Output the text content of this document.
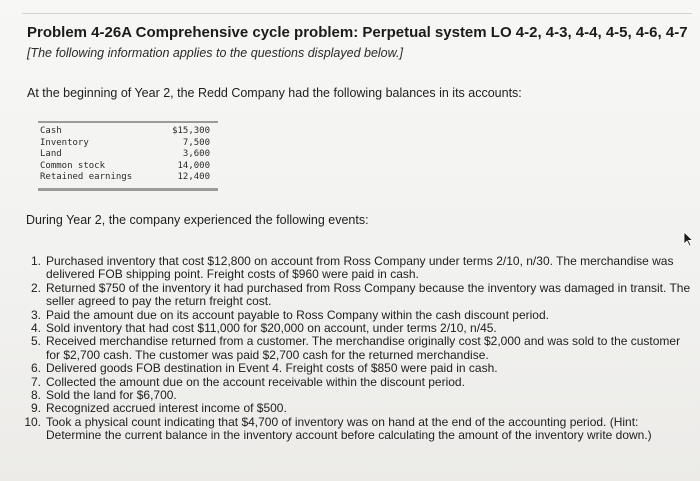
Problem 4-26A Comprehensive cycle problem: Perpetual system LO 4-2, 4-3, 4-4, 4-5, 4-6, 4-7
[The following information applies to the questions displayed below.]
At the beginning of Year 2, the Redd Company had the following balances in its accounts:
Cash	$15,300
Inventory	7,500
Land	3,600
Common stock	14,000
Retained earnings	12,400
During Year 2, the company experienced the following events:
1. Purchased inventory that cost $12,800 on account from Ross Company under terms 2/10, n/30. The merchandise was delivered FOB shipping point. Freight costs of $960 were paid in cash.
2. Returned $750 of the inventory it had purchased from Ross Company because the inventory was damaged in transit. The seller agreed to pay the return freight cost.
3. Paid the amount due on its account payable to Ross Company within the cash discount period.
4. Sold inventory that had cost $11,000 for $20,000 on account, under terms 2/10, n/45.
5. Received merchandise returned from a customer. The merchandise originally cost $2,000 and was sold to the customer for $2,700 cash. The customer was paid $2,700 cash for the returned merchandise.
6. Delivered goods FOB destination in Event 4. Freight costs of $850 were paid in cash.
7. Collected the amount due on the account receivable within the discount period.
8. Sold the land for $6,700.
9. Recognized accrued interest income of $500.
10. Took a physical count indicating that $4,700 of inventory was on hand at the end of the accounting period. (Hint: Determine the current balance in the inventory account before calculating the amount of the inventory write down.)
